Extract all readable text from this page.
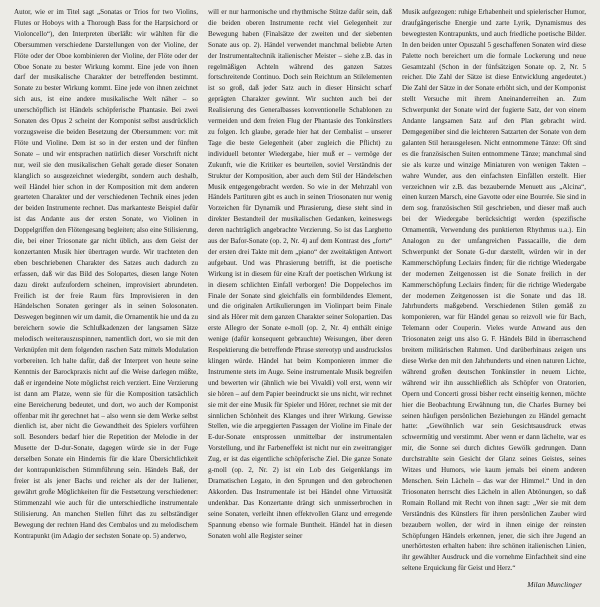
Autor, wie er im Titel sagt „Sonatas or Trios for two Violins, Flutes or Hoboys with a Thorough Bass for the Harpsichord or Violoncello“), den Interpreten überläßt: wir wählten für die Obersummen verschiedene Darstellungen von der Violine, der Flöte oder der Oboe kombinieren der Violine, der Flöte oder der Oboe Sonate zu bester Wirkung kommt. Eine jede von ihnen darf der musikalische Charakter der betreffenden bestimmt. Sonate zu bester Wirkung kommt. Eine jede von ihnen zeichnet sich aus, ist eine andere musikalische Welt näher – so unerschöpflich ist Händels schöpferische Phantasie. Bei zwei Sonaten des Opus 2 scheint der Komponist selbst ausdrücklich vorzugsweise die beiden Besetzung der Obersummen: vor: mit Flöte und Violine. Dem ist so in der ersten und der fünften Sonate – und wir entsprachen natürlich dieser Vorschrift nicht nur, weil sie den musikalischen Gehalt gerade dieser Sonaten klanglich so ausgezeichnet wiedergibt, sondern auch deshalb, weil Händel hier schon in der Komposition mit dem anderen gearteten Charakter und der verschiedenen Technik eines jeden der beiden Instrumente rechnet. Das markanteste Beispiel dafür ist das Andante aus der ersten Sonate, wo Violinen in Doppelgriffen den Flötengesang begleiten; also eine Stilisierung, die, bei einer Triosonate gar nicht üblich, aus dem Geist der konzertanten Musik hier übertragen wurde. Wir trachteten den eben beschriebenen Charakter des Satzes auch dadurch zu erfassen, daß wir das Bild des Solopartes, diesen lange Noten dazu direkt aufzufordern scheinen, improvisiert abrundeten. Freilich ist der freie Raum fürs Improvisieren in den Händelschen Sonaten geringer als in seinen Solosonaten. Deswegen beginnen wir um damit, die Ornamentik hie und da zu bereichern sowie die Schlußkadenzen der langsamen Sätze melodisch weiterauszuspinnen, namentlich dort, wo sie mit den Verknüpfen mit dem folgenden raschen Satz mittels Modulation vorbereiten. Ich halte dafür, daß der Interpret von heute seine Kenntnis der Barockpraxis nicht auf die Weise darlegen müßte, daß er irgendeine Note möglichst reich verziert. Eine Verzierung ist dann am Platze, wenn sie für die Komposition tatsächlich eine Bereicherung bedeutet, und dort, wo auch der Komponist offenbar mit ihr gerechnet hat – also wenn sie dem Werke selbst dienlich ist, aber nicht die Gewandtheit des Spielers vorführen soll. Besonders bedarf hier die Repetition der Melodie in der Musette der D-dur-Sonate, dagegen würde sie in der Fuge derselben Sonate ein Hindernis für die klare Übersichtlichkeit der kontrapunktischen Stimmführung sein. Händels Baß, der freier ist als jener Bachs und reicher als der der Italiener, gewährt große Möglichkeiten für die Festsetzung verschiedener: Stimmenzahl wie auch für die unterschiedliche instrumentale Stilisierung. An manchen Stellen führt das zu selbständiger Bewegung der rechten Hand des Cembalos und zu melodischem Kontrapunkt (im Adagio der sechsten Sonate op. 5) anderwo,

will er nur harmonische und rhythmische Stütze dafür sein, daß die beiden oberen Instrumente recht viel Gelegenheit zur Bewegung haben (Finalsätze der zweiten und der siebenten Sonate aus op. 2). Händel verwendet manchmal beliebte Arten der Instrumentaltechnik italienischer Meister – siehe z.B. das in regelmäßigen Achteln während des ganzen Satzes fortschreitende Continuo. Doch sein Reichtum an Stilelementen ist so groß, daß jeder Satz auch in dieser Hinsicht scharf geprägten Charakter gewinnt. Wir suchten auch bei der Realisierung des Generalbasses konventionelle Schablonen zu vermeiden und dem freien Flug der Phantasie des Tonkünstlers zu folgen. Ich glaube, gerade hier hat der Cembalist – unserer Tage die beste Gelegenheit (aber zugleich die Pflicht) zu individuell betonter Wiedergabe, hier muß er – vermöge der Zukunft, wie die Kritiker es beurteilen, soviel Verständnis der Struktur der Komposition, aber auch dem Stil der Händelschen Musik entgegengebracht werden. So wie in der Mehrzahl von Händels Partituren gibt es auch in seinen Triosonaten nur wenig Vorzeichen für Dynamik und Phrasierung, diese steht sind in direkter Bestandteil der musikalischen Gedanken, keineswegs deren nachträglich angebrachte Verzierung. So ist das Larghetto aus der Bafor-Sonate (op. 2, Nr. 4) auf dem Kontrast des „forte“ der ersten drei Takte mit dem „piano“ der zweitaktigen Antwort aufgebaut. Und was Phrasierung betrifft, ist die poetische Wirkung ist in diesem für eine Kraft der poetischen Wirkung ist in diesem schlichten Einfall verborgen! Die Doppelechos im Finale der Sonate sind gleichfalls ein formbildendes Element, und die originalen Artikulierungen im Violinpart beim Finale sind als Hörer mit dem ganzen Charakter seiner Solopartien. Das erste Allegro der Sonate e-moll (op. 2, Nr. 4) enthält einige wenige (dafür konsequent gebrauchte) Weisungen, über deren Respektierung die betreffende Phrase stereotyp und ausdruckslos klingen würde. Händel hat beim Komponieren immer die Instrumente stets im Auge. Seine instrumentale Musik begreifen und bewerten wir (ähnlich wie bei Vivaldi) voll erst, wenn wir sie hören – auf dem Papier beeindruckt sie uns nicht, wir rechnet sie mit der eine Musik für Spieler und Hörer, rechnet sie mit der sinnlichen Schönheit des Klanges und ihrer Wirkung. Gewisse Stellen, wie die arpeggierten Passagen der Violine im Finale der E-dur-Sonate entsprossen unmittelbar der instrumentalen Vorstellung, und ihr Farbeneffekt ist nicht nur ein zweitrangiger Zug, er ist das eigentliche schöpferische Ziel. Die ganze Sonate g-moll (op. 2, Nr. 2) ist ein Lob des Geigenklangs im Dramatischen Legato, in den Sprungen und den gebrochenen Akkorden. Das Instrumentale ist bei Händel ohne Virtuosität undenkbar. Das Konzertante drängt sich unmisserbrochen in seine Sonaten, verleiht ihnen effektvollen Glanz und erregende Spannung ebenso wie formale Buntheit. Händel hat in diesen Sonaten wohl alle Register seiner

Musik aufgezogen: ruhige Erhabenheit und spielerischer Humor, draufgängerische Energie und zarte Lyrik, Dynamismus des bewegtesten Kontrapunkts, und auch friedliche poetische Bilder. In den beiden unter Opuszahl 5 geschaffenen Sonaten wird diese Palette noch bereichert um die formale Lockerung und neue Gesamtzahl (Schon in der fünfsätzigen Sonate op. 2, Nr. 5 reicher. Die Zahl der Sätze ist diese Entwicklung angedeutet.) Die Zahl der Sätze in der Sonate erhöht sich, und der Komponist stellt Versuche mit ihrem Aneinanderreihen an. Zum Schwerpunkt der Sonate wird der fugierte Satz, der von einem Andante langsamen Satz auf den Plan gebracht wird. Demgegenüber sind die leichteren Satzarten der Sonate von dem galanten Stil herausgelesen. Nicht entnommene Tänze: Oft sind es die französischen Suiten entnommene Tänze; manchmal sind sie als kurze und winzige Miniaturen von wenigen Takten – wahre Wunder, aus den einfachsten Einfällen erstellt. Hier verzeichnen wir z.B. das bezaubernde Menuett aus „Alcina“, einen kurzen Marsch, eine Gavotte oder eine Bourrée. Sie sind in dem sog. französischen Stil geschrieben, und dieser maß auch bei der Wiedergabe berücksichtigt werden (spezifische Ornamentik, Verwendung des punktierten Rhythmus u.a.). Ein Analogon zu der umfangreichen Passacaille, die dem Schwerpunkt der Sonate G-dur darstellt, würden wir in der Kammerschöpfung Leclairs finden; für die richtige Wiedergabe der modernen Zeitgenossen ist die Sonate freilich in der Kammerschöpfung Leclairs finden; für die richtige Wiedergabe der modernen Zeitgenossen ist die Sonate und das 18. Jahrhunderts maßgebend. Verschiedenen Stilen gemäß zu komponieren, war für Händel genau so reizvoll wie für Bach, Telemann oder Couperin. Vieles wurde Anwand aus den Triosonaten zeigt uns also G. F. Händels Bild in überraschend breitem militärischen Rahmen. Und darüberhinaus zeigen uns diese Werke den mit den Jahrhunderts und einen naturen Lichte, während großen deutschen Tonkünstler in neuem Lichte, während wir ihn ausschließlich als Schöpfer von Oratorien, Opern und Concerti grossi bisher recht einseitig kennen, möchte hier die Beobachtung Erwähnung tun, die Charles Burney bei seinen häufigen persönlichen Beziehungen zu Händel gemacht hatte: „Gewöhnlich war sein Gesichtsausdruck etwas schwermütig und verstimmt. Aber wenn er dann lächelte, war es mir, die Sonne sei durch dichtes Gewölk gedrungen. Dann durchstrahlte sein Gesicht der Glanz seines Geistes, seines Witzes und Humors, wie kaum jemals bei einem anderen Menschen. Sein Lächeln – das war der Himmel.“ Und in den Triosonaten herrscht dies Lächeln in allen Abtönungen, so daß Romain Rolland mit Recht von ihnen sagt: „Wer sie mit dem Verständnis des Künstlers für ihren persönlichen Zauber wird bezaubern wollen, der wird in ihnen einige der reinsten Schöpfungen Händels erkennen, jener, die sich ihre Jugend an unerhörtesten erhalten haben: ihre schönen italienischen Linien, ihr gewählter Ausdruck und die vornehme Einfachheit sind eine seltene Erquickung für Geist und Herz.“

Milan Munclinger
